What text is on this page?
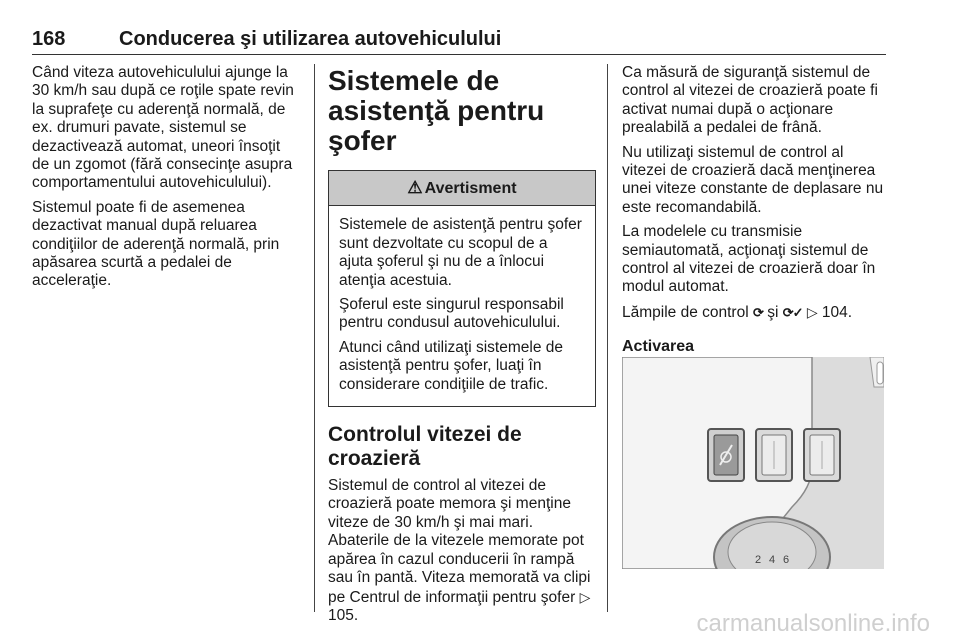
168	Conducerea şi utilizarea autovehiculului

Când viteza autovehiculului ajunge la 30 km/h sau după ce roţile spate revin la suprafeţe cu aderenţă normală, de ex. drumuri pavate, sistemul se dezactivează automat, uneori însoţit de un zgomot (fără consecinţe asupra comportamentului autovehiculului).

Sistemul poate fi de asemenea dezactivat manual după reluarea condiţiilor de aderenţă normală, prin apăsarea scurtă a pedalei de acceleraţie.

Sistemele de asistenţă pentru şofer
⚠ Avertisment

Sistemele de asistenţă pentru şofer sunt dezvoltate cu scopul de a ajuta şoferul şi nu de a înlocui atenţia acestuia.

Şoferul este singurul responsabil pentru condusul autovehiculului.

Atunci când utilizaţi sistemele de asistenţă pentru şofer, luaţi în considerare condiţiile de trafic.

Controlul vitezei de croazieră

Sistemul de control al vitezei de croazieră poate memora şi menţine viteze de 30 km/h şi mai mari.

Abaterile de la vitezele memorate pot apărea în cazul conducerii în rampă sau în pantă. Viteza memorată va clipi pe Centrul de informaţii pentru şofer ▷ 105.

Ca măsură de siguranţă sistemul de control al vitezei de croazieră poate fi activat numai după o acţionare prealabilă a pedalei de frână.

Nu utilizaţi sistemul de control al vitezei de croazieră dacă menţinerea unei viteze constante de deplasare nu este recomandabilă.

La modelele cu transmisie semiautomată, acţionaţi sistemul de control al vitezei de croazieră doar în modul automat.

Lămpile de control ⟳ şi ⟳✓ ▷ 104.

Activarea
2 4 6
carmanualsonline.info
